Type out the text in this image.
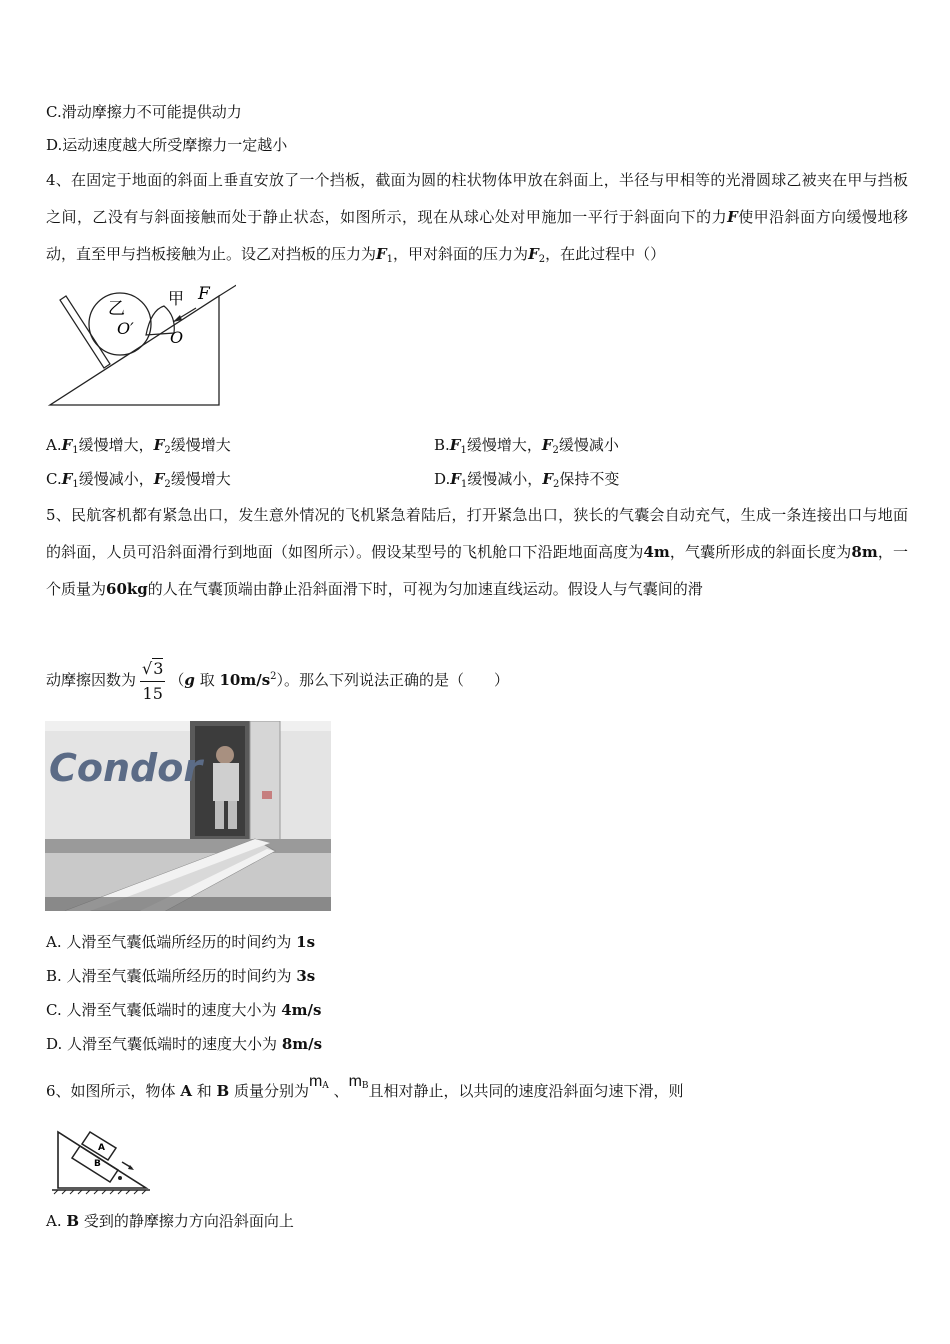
C.滑动摩擦力不可能提供动力
D.运动速度越大所受摩擦力一定越小
4、在固定于地面的斜面上垂直安放了一个挡板，截面为圆的柱状物体甲放在斜面上，半径与甲相等的光滑圆球乙被夹在甲与挡板之间，乙没有与斜面接触而处于静止状态，如图所示，现在从球心处对甲施加一平行于斜面向下的力F使甲沿斜面方向缓慢地移动，直至甲与挡板接触为止。设乙对挡板的压力为$F_1$，甲对斜面的压力为$F_2$，在此过程中（）
乙
O′
甲 F
O
$A.F_1$缓慢增大，$F_2$缓慢增大	$B.F_1$缓慢增大，$F_2$缓慢减小
$C.F_1$缓慢减小，$F_2$缓慢增大	$D.F_1$缓慢减小，$F_2$保持不变
5、民航客机都有紧急出口，发生意外情况的飞机紧急着陆后，打开紧急出口，狭长的气囊会自动充气，生成一条连接出口与地面的斜面，人员可沿斜面滑行到地面（如图所示）。假设某型号的飞机舱口下沿距地面高度为4m，气囊所形成的斜面长度为8m，一个质量为60kg的人在气囊顶端由静止沿斜面滑下时，可视为匀加速直线运动。假设人与气囊间的滑
动摩擦因数为 $\frac{√3}{15} (g$ 取 $10m/s^2$）。那么下列说法正确的是（　　）
Condor
A. 人滑至气囊低端所经历的时间约为 1s
B. 人滑至气囊低端所经历的时间约为 3s
C. 人滑至气囊低端时的速度大小为 4m/s
D. 人滑至气囊低端时的速度大小为 8m/s
6、如图所示，物体 A 和 B 质量分别为mA 、mB且相对静止，以共同的速度沿斜面匀速下滑，则
A
B
A. B 受到的静摩擦力方向沿斜面向上
